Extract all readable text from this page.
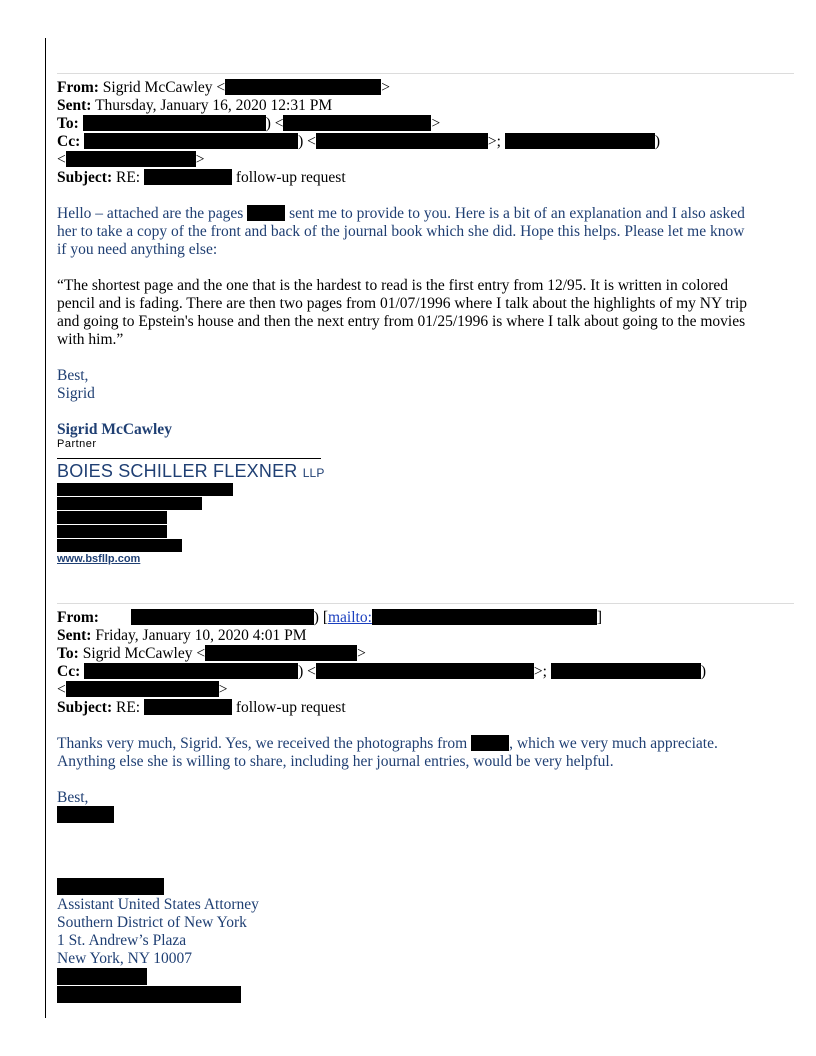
From: Sigrid McCawley <	>
Sent: Thursday, January 16, 2020 12:31 PM
To:	) <	>
Cc:	) <	>;	)
<	>
Subject: RE:	follow-up request
Hello – attached are the pages	sent me to provide to you. Here is a bit of an explanation and I also asked her to take a copy of the front and back of the journal book which she did. Hope this helps. Please let me know if you need anything else:
“The shortest page and the one that is the hardest to read is the first entry from 12/95. It is written in colored pencil and is fading. There are then two pages from 01/07/1996 where I talk about the highlights of my NY trip and going to Epstein's house and then the next entry from 01/25/1996 is where I talk about going to the movies with him.”
Best,
Sigrid
Sigrid McCawley
Partner
BOIES SCHILLER FLEXNER LLP
www.bsfllp.com
From:	) [mailto:	]
Sent: Friday, January 10, 2020 4:01 PM
To: Sigrid McCawley <	>
Cc:	) <	>;	)
<	>
Subject: RE:	follow-up request
Thanks very much, Sigrid. Yes, we received the photographs from	, which we very much appreciate. Anything else she is willing to share, including her journal entries, would be very helpful.
Best,
Assistant United States Attorney
Southern District of New York
1 St. Andrew’s Plaza
New York, NY 10007
